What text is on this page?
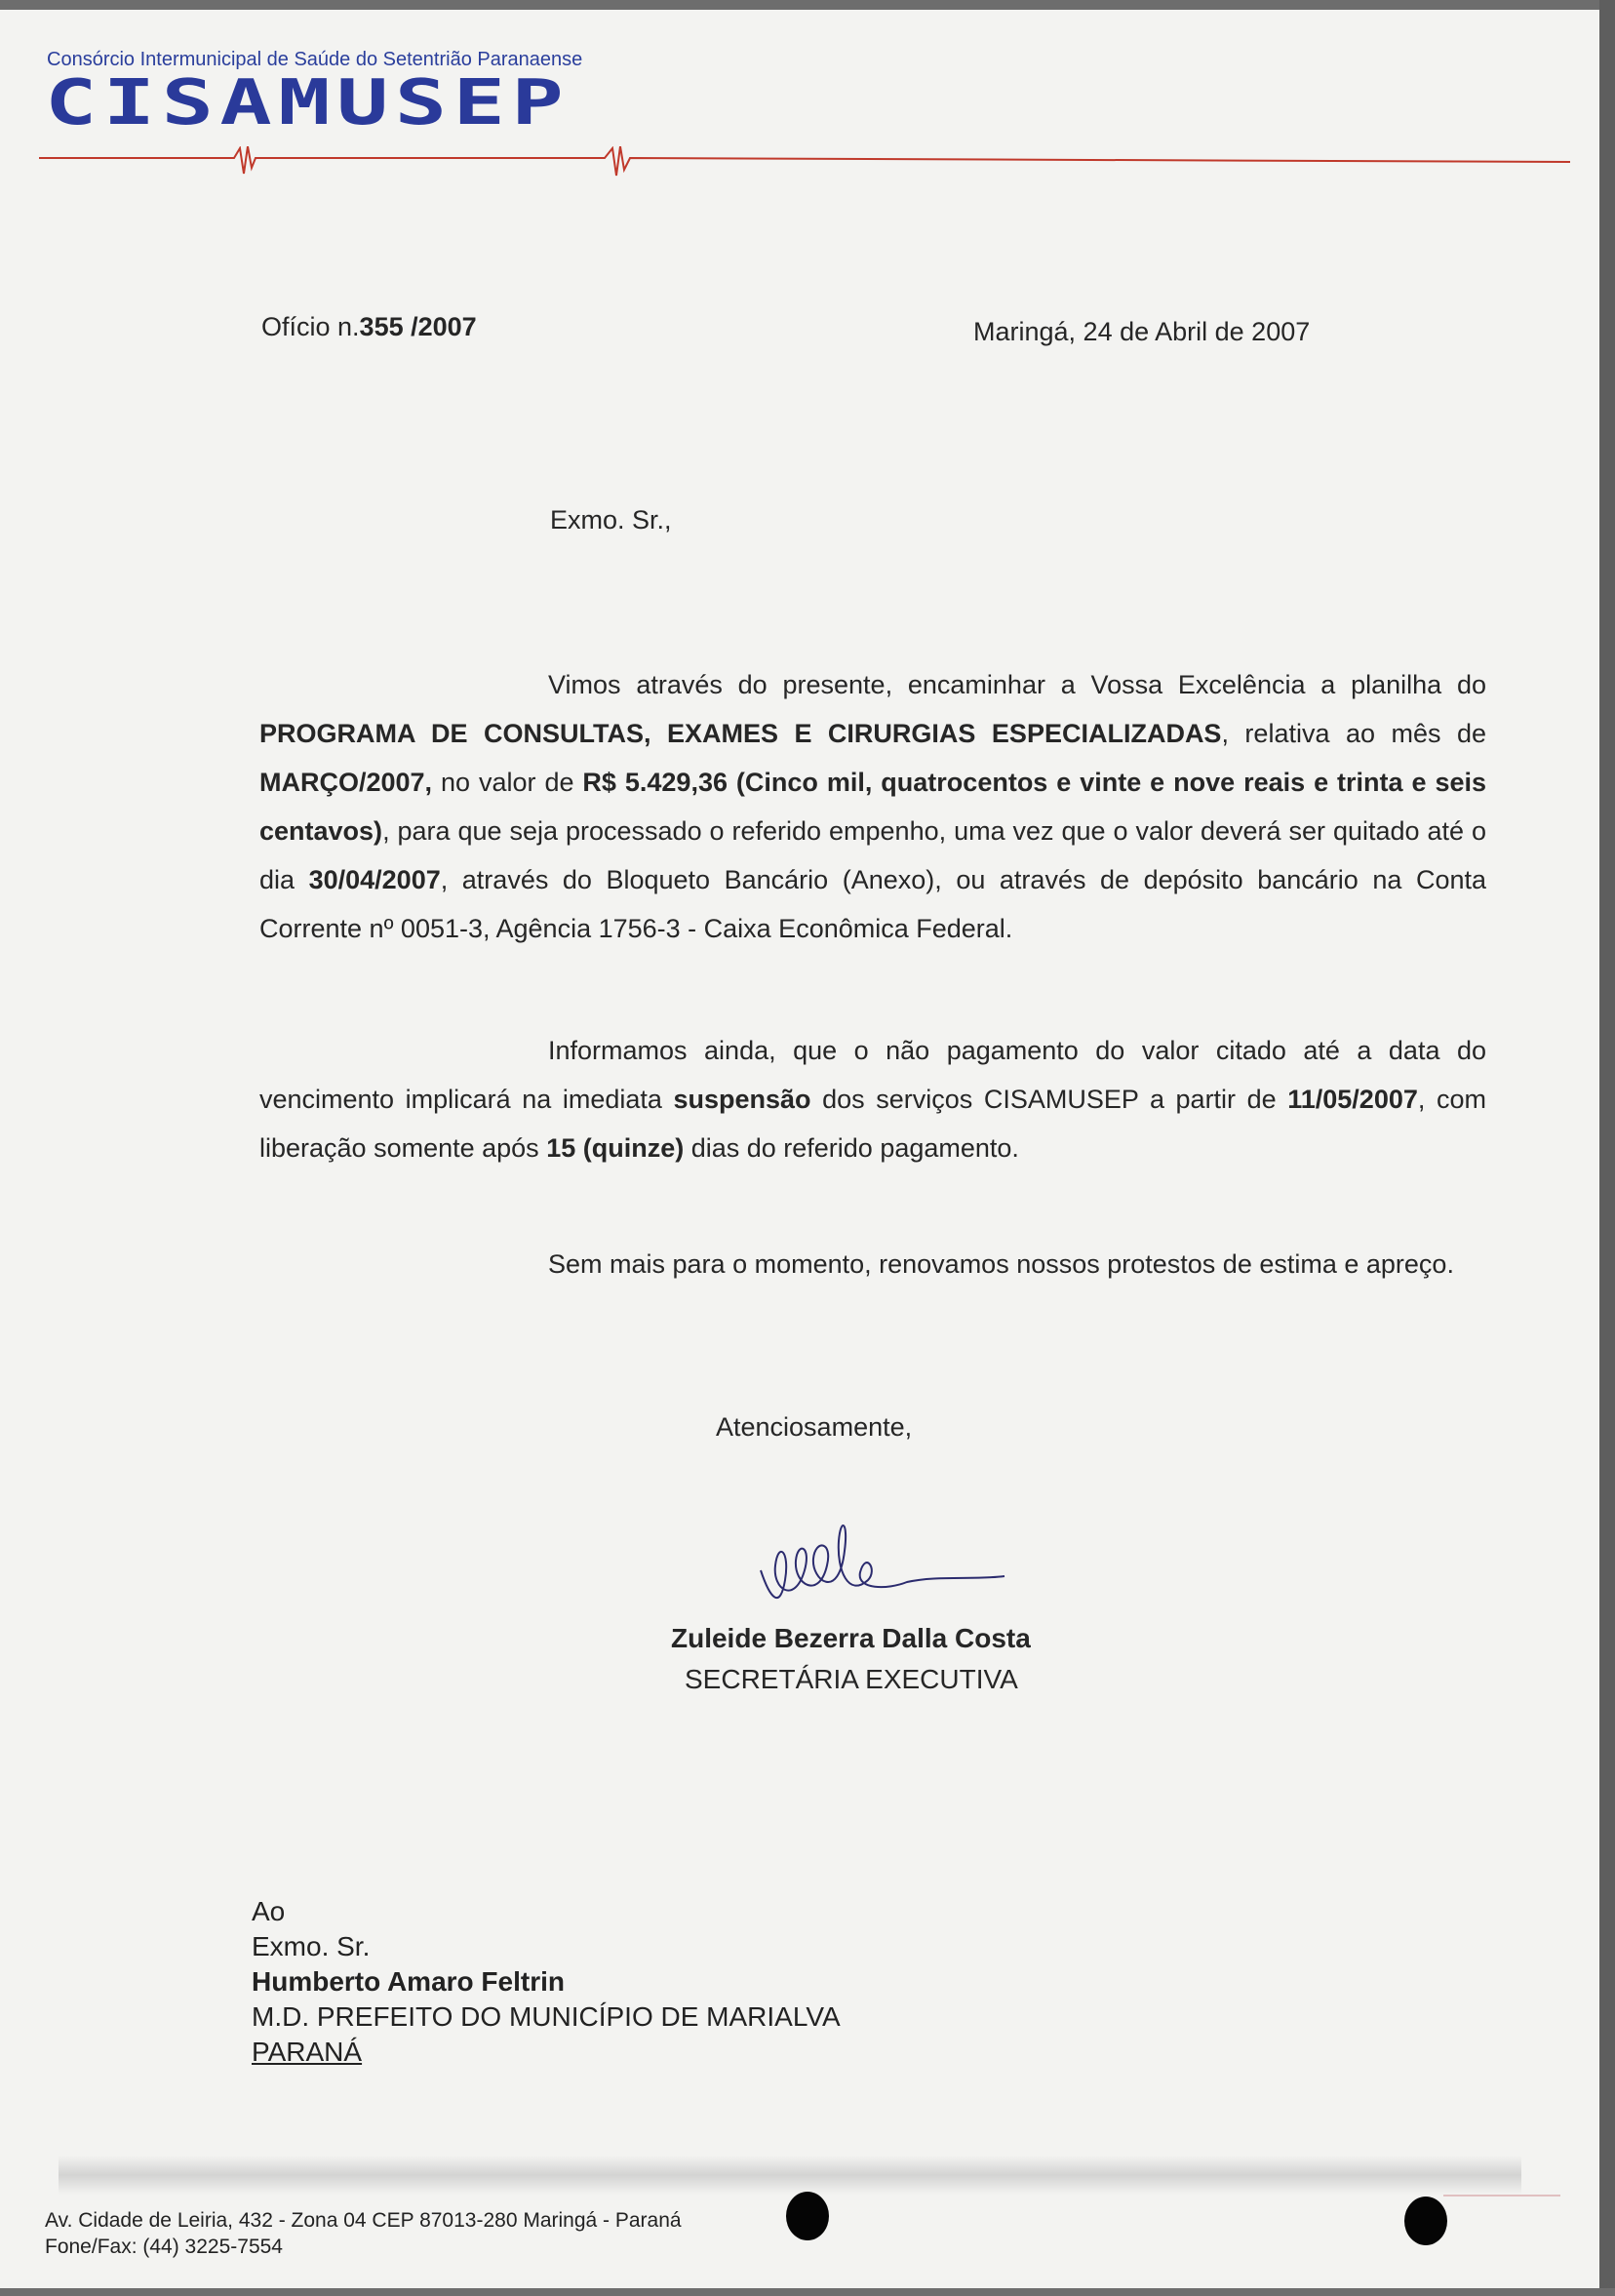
Consórcio Intermunicipal de Saúde do Setentrião Paranaense
CISAMUSEP
Ofício n.355 /2007	Maringá, 24 de Abril de 2007
Exmo. Sr.,
Vimos através do presente, encaminhar a Vossa Excelência a planilha do PROGRAMA DE CONSULTAS, EXAMES E CIRURGIAS ESPECIALIZADAS, relativa ao mês de MARÇO/2007, no valor de R$ 5.429,36 (Cinco mil, quatrocentos e vinte e nove reais e trinta e seis centavos), para que seja processado o referido empenho, uma vez que o valor deverá ser quitado até o dia 30/04/2007, através do Bloqueto Bancário (Anexo), ou através de depósito bancário na Conta Corrente nº 0051-3, Agência 1756-3 - Caixa Econômica Federal.
Informamos ainda, que o não pagamento do valor citado até a data do vencimento implicará na imediata suspensão dos serviços CISAMUSEP a partir de 11/05/2007, com liberação somente após 15 (quinze) dias do referido pagamento.
Sem mais para o momento, renovamos nossos protestos de estima e apreço.
Atenciosamente,
Zuleide Bezerra Dalla Costa
SECRETÁRIA EXECUTIVA
Ao
Exmo. Sr.
Humberto Amaro Feltrin
M.D. PREFEITO DO MUNICÍPIO DE MARIALVA
PARANÁ
Av. Cidade de Leiria, 432 - Zona 04 CEP 87013-280 Maringá - Paraná
Fone/Fax: (44) 3225-7554
